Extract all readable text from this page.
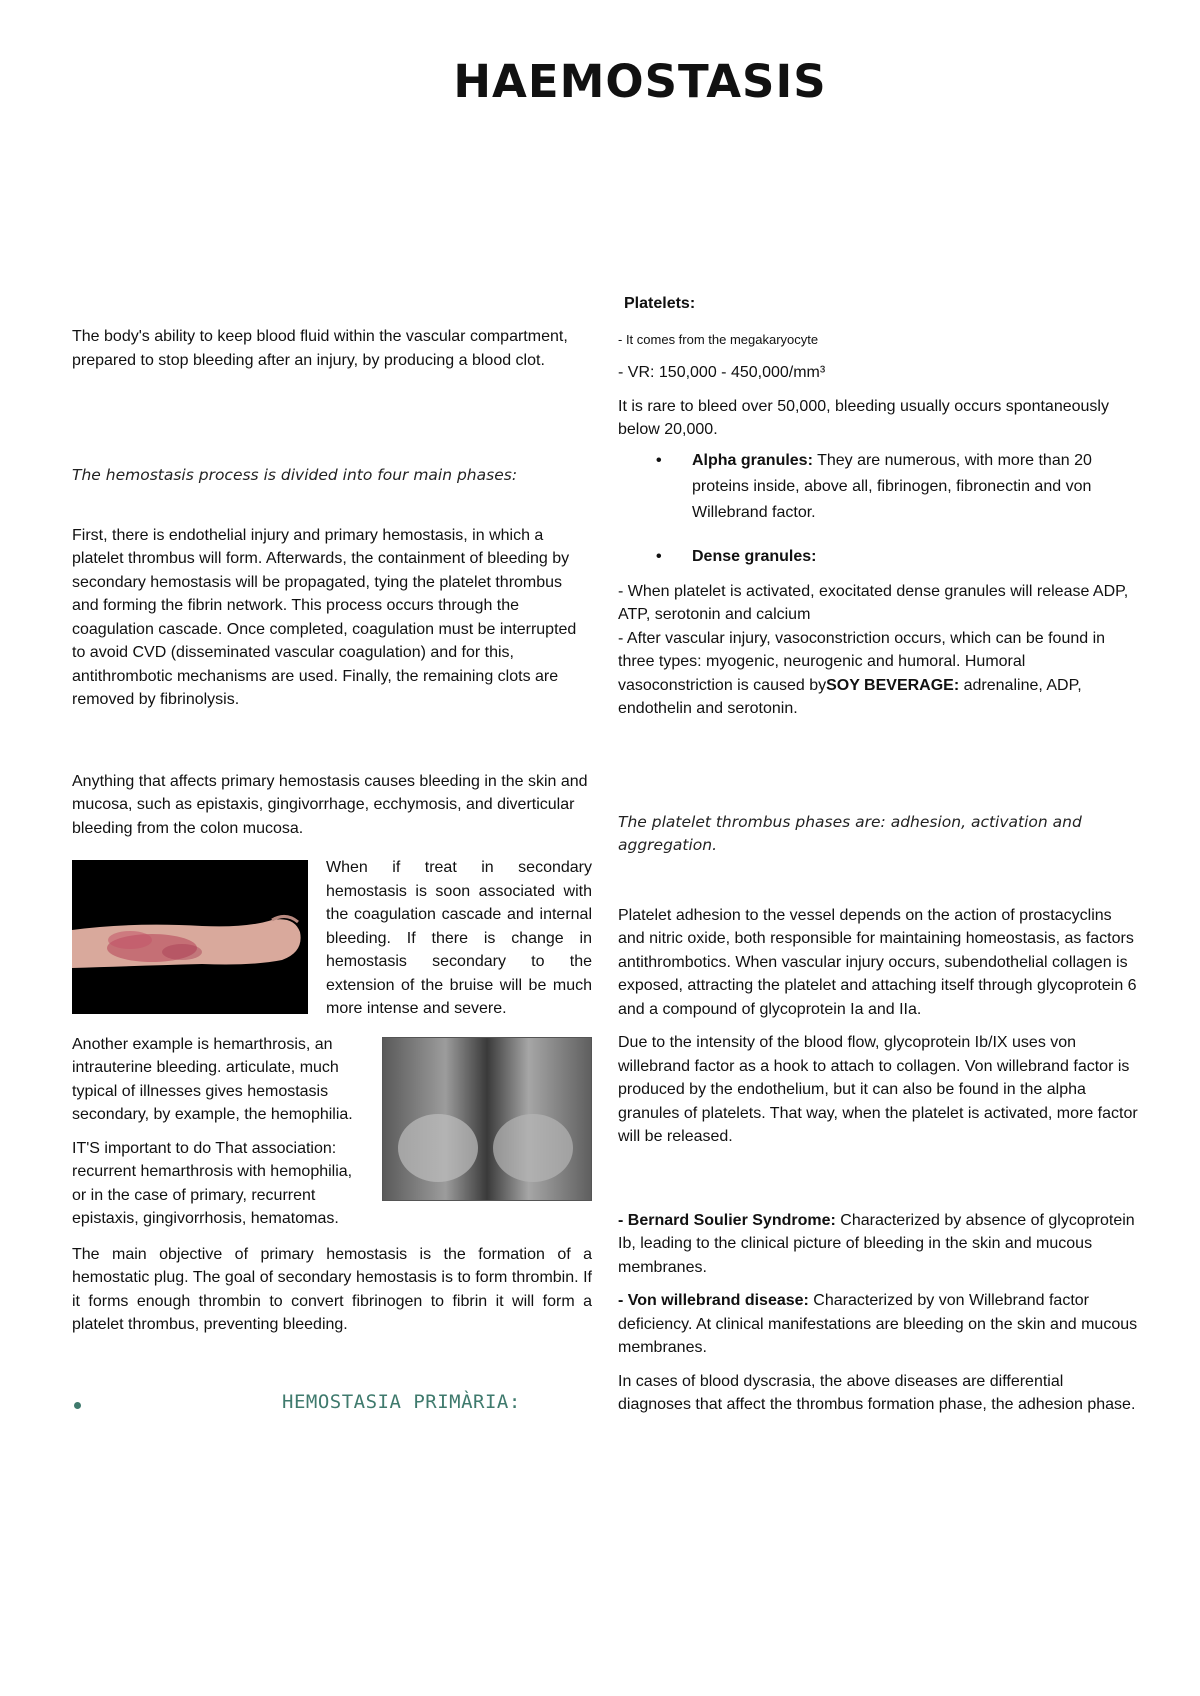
HAEMOSTASIS

The body's ability to keep blood fluid within the vascular compartment, prepared to stop bleeding after an injury, by producing a blood clot.

The hemostasis process is divided into four main phases:

First, there is endothelial injury and primary hemostasis, in which a platelet thrombus will form. Afterwards, the containment of bleeding by secondary hemostasis will be propagated, tying the platelet thrombus and forming the fibrin network. This process occurs through the coagulation cascade. Once completed, coagulation must be interrupted to avoid CVD (disseminated vascular coagulation) and for this, antithrombotic mechanisms are used. Finally, the remaining clots are removed by fibrinolysis.

Anything that affects primary hemostasis causes bleeding in the skin and mucosa, such as epistaxis, gingivorrhage, ecchymosis, and diverticular bleeding from the colon mucosa.

When if treat in secondary hemostasis is soon associated with the coagulation cascade and internal bleeding. If there is change in hemostasis secondary to the extension of the bruise will be much more intense and severe.

Another example is hemarthrosis, an intrauterine bleeding. articulate, much typical of illnesses gives hemostasis secondary, by example, the hemophilia.

IT'S important to do That association: recurrent hemarthrosis with hemophilia, or in the case of primary, recurrent epistaxis, gingivorrhosis, hematomas.

The main objective of primary hemostasis is the formation of a hemostatic plug. The goal of secondary hemostasis is to form thrombin. If it forms enough thrombin to convert fibrinogen to fibrin it will form a platelet thrombus, preventing bleeding.

HEMOSTASIA PRIMÀRIA:

Platelets:

- It comes from the megakaryocyte

- VR: 150,000 - 450,000/mm³

It is rare to bleed over 50,000, bleeding usually occurs spontaneously below 20,000.

• Alpha granules: They are numerous, with more than 20 proteins inside, above all, fibrinogen, fibronectin and von Willebrand factor.
• Dense granules:

- When platelet is activated, exocitated dense granules will release ADP, ATP, serotonin and calcium

- After vascular injury, vasoconstriction occurs, which can be found in three types: myogenic, neurogenic and humoral. Humoral vasoconstriction is caused bySOY BEVERAGE: adrenaline, ADP, endothelin and serotonin.

The platelet thrombus phases are: adhesion, activation and aggregation.

Platelet adhesion to the vessel depends on the action of prostacyclins and nitric oxide, both responsible for maintaining homeostasis, as factors antithrombotics. When vascular injury occurs, subendothelial collagen is exposed, attracting the platelet and attaching itself through glycoprotein 6 and a compound of glycoprotein Ia and IIa.

Due to the intensity of the blood flow, glycoprotein Ib/IX uses von willebrand factor as a hook to attach to collagen. Von willebrand factor is produced by the endothelium, but it can also be found in the alpha granules of platelets. That way, when the platelet is activated, more factor will be released.

- Bernard Soulier Syndrome: Characterized by absence of glycoprotein Ib, leading to the clinical picture of bleeding in the skin and mucous membranes.

- Von willebrand disease: Characterized by von Willebrand factor deficiency. At clinical manifestations are bleeding on the skin and mucous membranes.

In cases of blood dyscrasia, the above diseases are differential diagnoses that affect the thrombus formation phase, the adhesion phase.
